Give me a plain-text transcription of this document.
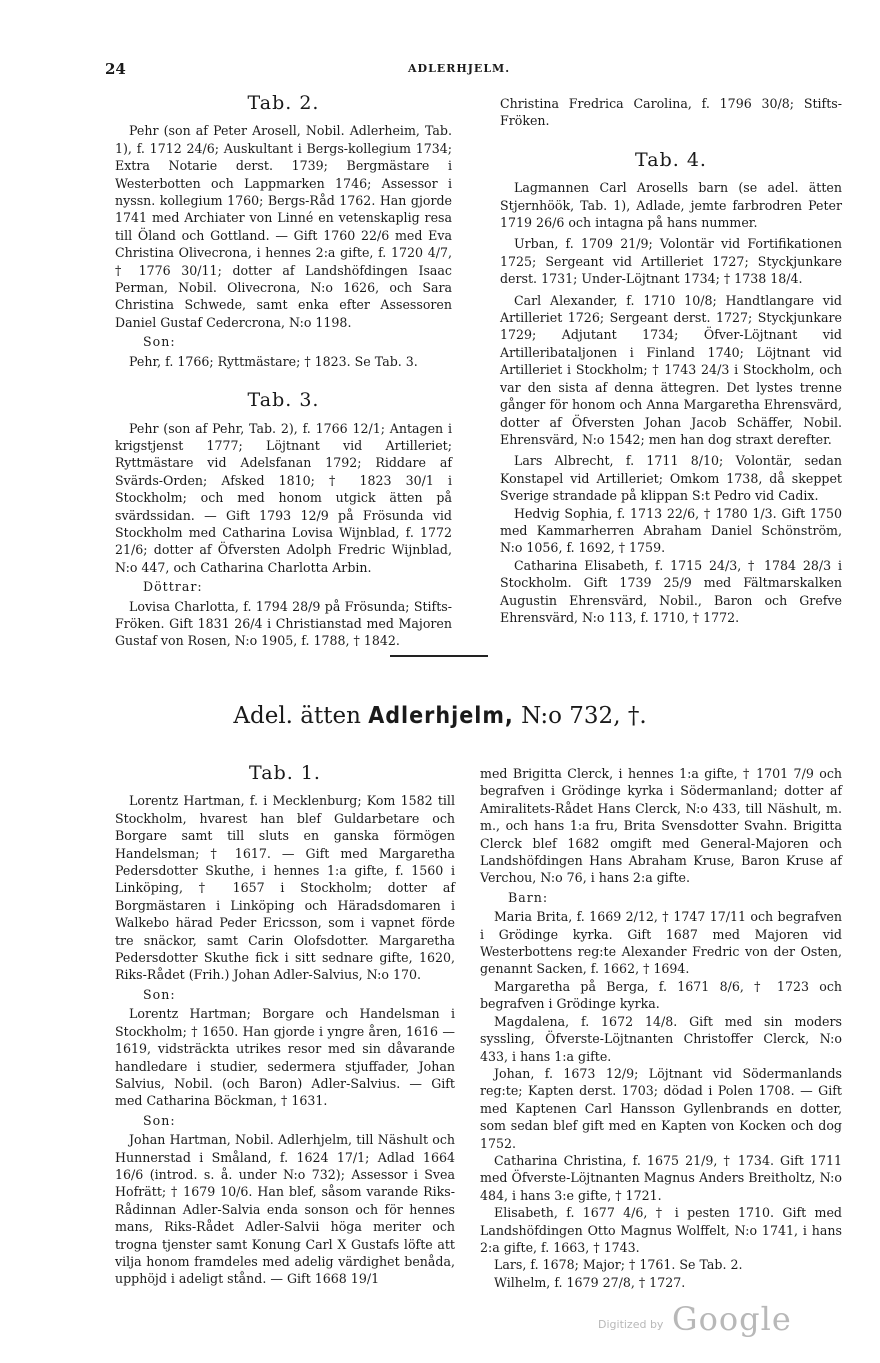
24	ADLERHJELM.
Tab. 2.

Pehr (son af Peter Arosell, Nobil. Adlerheim, Tab. 1), f. 1712 24/6; Auskultant i Bergs-kollegium 1734; Extra Notarie derst. 1739; Bergmästare i Westerbotten och Lappmarken 1746; Assessor i nyssn. kollegium 1760; Bergs-Råd 1762. Han gjorde 1741 med Archiater von Linné en vetenskaplig resa till Öland och Gottland. — Gift 1760 22/6 med Eva Christina Olivecrona, i hennes 2:a gifte, f. 1720 4/7, † 1776 30/11; dotter af Landshöfdingen Isaac Perman, Nobil. Olivecrona, N:o 1626, och Sara Christina Schwede, samt enka efter Assessoren Daniel Gustaf Cedercrona, N:o 1198.

Son:

Pehr, f. 1766; Ryttmästare; † 1823. Se Tab. 3.

Tab. 3.

Pehr (son af Pehr, Tab. 2), f. 1766 12/1; Antagen i krigstjenst 1777; Löjtnant vid Artilleriet; Ryttmästare vid Adelsfanan 1792; Riddare af Svärds-Orden; Afsked 1810; † 1823 30/1 i Stockholm; och med honom utgick ätten på svärdssidan. — Gift 1793 12/9 på Frösunda vid Stockholm med Catharina Lovisa Wijnblad, f. 1772 21/6; dotter af Öfversten Adolph Fredric Wijnblad, N:o 447, och Catharina Charlotta Arbin.

Döttrar:

Lovisa Charlotta, f. 1794 28/9 på Frösunda; Stifts-Fröken. Gift 1831 26/4 i Christianstad med Majoren Gustaf von Rosen, N:o 1905, f. 1788, † 1842.

Christina Fredrica Carolina, f. 1796 30/8; Stifts-Fröken.

Tab. 4.

Lagmannen Carl Arosells barn (se adel. ätten Stjernhöök, Tab. 1), Adlade, jemte farbrodren Peter 1719 26/6 och intagna på hans nummer.

Urban, f. 1709 21/9; Volontär vid Fortifikationen 1725; Sergeant vid Artilleriet 1727; Styckjunkare derst. 1731; Under-Löjtnant 1734; † 1738 18/4.

Carl Alexander, f. 1710 10/8; Handtlangare vid Artilleriet 1726; Sergeant derst. 1727; Styckjunkare 1729; Adjutant 1734; Öfver-Löjtnant vid Artilleribataljonen i Finland 1740; Löjtnant vid Artilleriet i Stockholm; † 1743 24/3 i Stockholm, och var den sista af denna ättegren. Det lystes trenne gånger för honom och Anna Margaretha Ehrensvärd, dotter af Öfversten Johan Jacob Schäffer, Nobil. Ehrensvärd, N:o 1542; men han dog straxt derefter.

Lars Albrecht, f. 1711 8/10; Volontär, sedan Konstapel vid Artilleriet; Omkom 1738, då skeppet Sverige strandade på klippan S:t Pedro vid Cadix.

Hedvig Sophia, f. 1713 22/6, † 1780 1/3. Gift 1750 med Kammarherren Abraham Daniel Schönström, N:o 1056, f. 1692, † 1759.

Catharina Elisabeth, f. 1715 24/3, † 1784 28/3 i Stockholm. Gift 1739 25/9 med Fältmarskalken Augustin Ehrensvärd, Nobil., Baron och Grefve Ehrensvärd, N:o 113, f. 1710, † 1772.

Adel. ätten Adlerhjelm, N:o 732, †.
Tab. 1.

Lorentz Hartman, f. i Mecklenburg; Kom 1582 till Stockholm, hvarest han blef Guldarbetare och Borgare samt till sluts en ganska förmögen Handelsman; † 1617. — Gift med Margaretha Pedersdotter Skuthe, i hennes 1:a gifte, f. 1560 i Linköping, † 1657 i Stockholm; dotter af Borgmästaren i Linköping och Häradsdomaren i Walkebo härad Peder Ericsson, som i vapnet förde tre snäckor, samt Carin Olofsdotter. Margaretha Pedersdotter Skuthe fick i sitt sednare gifte, 1620, Riks-Rådet (Frih.) Johan Adler-Salvius, N:o 170.

Son:

Lorentz Hartman; Borgare och Handelsman i Stockholm; † 1650. Han gjorde i yngre åren, 1616 —1619, vidsträckta utrikes resor med sin dåvarande handledare i studier, sedermera stjuffader, Johan Salvius, Nobil. (och Baron) Adler-Salvius. — Gift med Catharina Böckman, † 1631.

Son:

Johan Hartman, Nobil. Adlerhjelm, till Näshult och Hunnerstad i Småland, f. 1624 17/1; Adlad 1664 16/6 (introd. s. å. under N:o 732); Assessor i Svea Hofrätt; † 1679 10/6. Han blef, såsom varande Riks-Rådinnan Adler-Salvia enda sonson och för hennes mans, Riks-Rådet Adler-Salvii höga meriter och trogna tjenster samt Konung Carl X Gustafs löfte att vilja honom framdeles med adelig värdighet benåda, upphöjd i adeligt stånd. — Gift 1668 19/1

med Brigitta Clerck, i hennes 1:a gifte, † 1701 7/9 och begrafven i Grödinge kyrka i Södermanland; dotter af Amiralitets-Rådet Hans Clerck, N:o 433, till Näshult, m. m., och hans 1:a fru, Brita Svensdotter Svahn. Brigitta Clerck blef 1682 omgift med General-Majoren och Landshöfdingen Hans Abraham Kruse, Baron Kruse af Verchou, N:o 76, i hans 2:a gifte.

Barn:

Maria Brita, f. 1669 2/12, † 1747 17/11 och begrafven i Grödinge kyrka. Gift 1687 med Majoren vid Westerbottens reg:te Alexander Fredric von der Osten, genannt Sacken, f. 1662, † 1694.

Margaretha på Berga, f. 1671 8/6, † 1723 och begrafven i Grödinge kyrka.

Magdalena, f. 1672 14/8. Gift med sin moders syssling, Öfverste-Löjtnanten Christoffer Clerck, N:o 433, i hans 1:a gifte.

Johan, f. 1673 12/9; Löjtnant vid Södermanlands reg:te; Kapten derst. 1703; dödad i Polen 1708. — Gift med Kaptenen Carl Hansson Gyllenbrands en dotter, som sedan blef gift med en Kapten von Kocken och dog 1752.

Catharina Christina, f. 1675 21/9, † 1734. Gift 1711 med Öfverste-Löjtnanten Magnus Anders Breitholtz, N:o 484, i hans 3:e gifte, † 1721.

Elisabeth, f. 1677 4/6, † i pesten 1710. Gift med Landshöfdingen Otto Magnus Wolffelt, N:o 1741, i hans 2:a gifte, f. 1663, † 1743.

Lars, f. 1678; Major; † 1761. Se Tab. 2.

Wilhelm, f. 1679 27/8, † 1727.

Digitized by Google
